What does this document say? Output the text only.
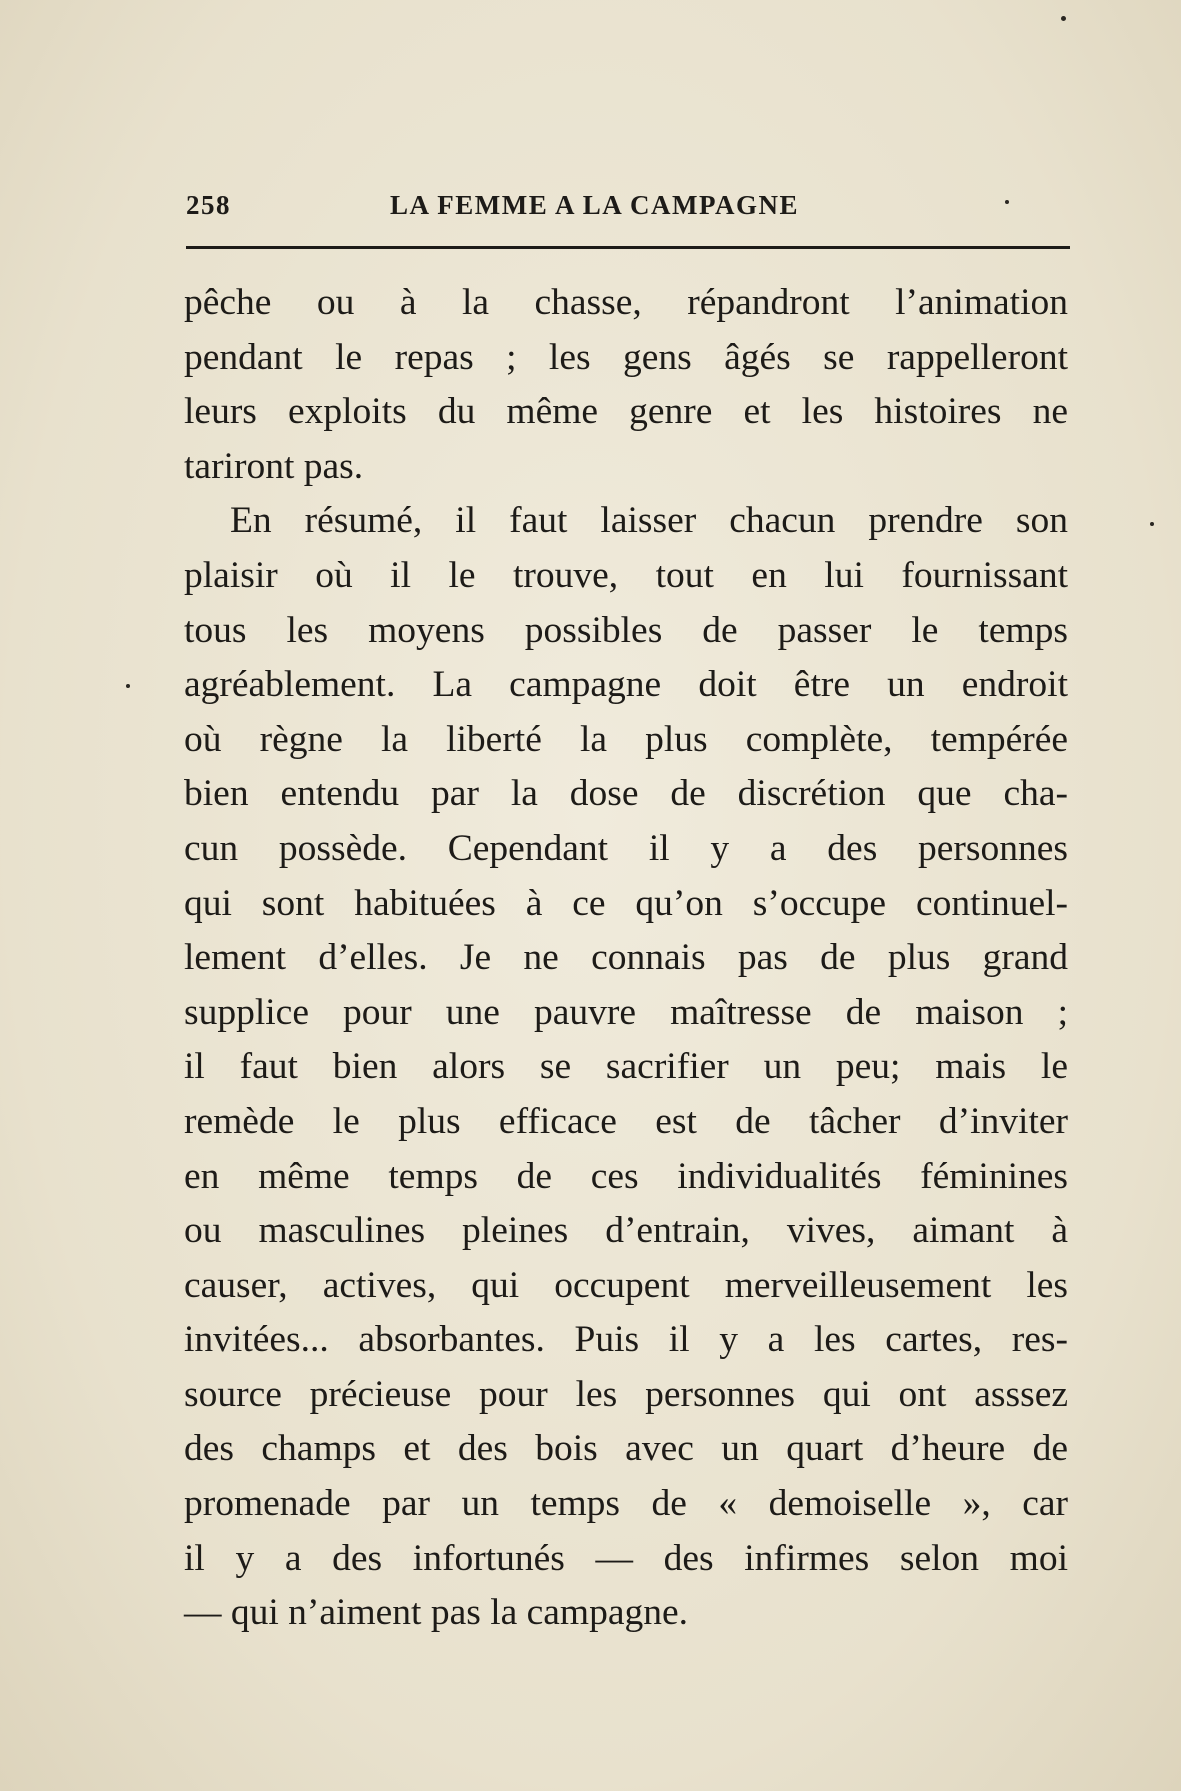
258	LA FEMME A LA CAMPAGNE
pêche ou à la chasse, répandront l’animation
pendant le repas ; les gens âgés se rappelleront
leurs exploits du même genre et les histoires ne
tariront pas.
En résumé, il faut laisser chacun prendre son
plaisir où il le trouve, tout en lui fournissant
tous les moyens possibles de passer le temps
agréablement. La campagne doit être un endroit
où règne la liberté la plus complète, tempérée
bien entendu par la dose de discrétion que cha-
cun possède. Cependant il y a des personnes
qui sont habituées à ce qu’on s’occupe continuel-
lement d’elles. Je ne connais pas de plus grand
supplice pour une pauvre maîtresse de maison ;
il faut bien alors se sacrifier un peu; mais le
remède le plus efficace est de tâcher d’inviter
en même temps de ces individualités féminines
ou masculines pleines d’entrain, vives, aimant à
causer, actives, qui occupent merveilleusement les
invitées... absorbantes. Puis il y a les cartes, res-
source précieuse pour les personnes qui ont asssez
des champs et des bois avec un quart d’heure de
promenade par un temps de « demoiselle », car
il y a des infortunés — des infirmes selon moi
— qui n’aiment pas la campagne.
